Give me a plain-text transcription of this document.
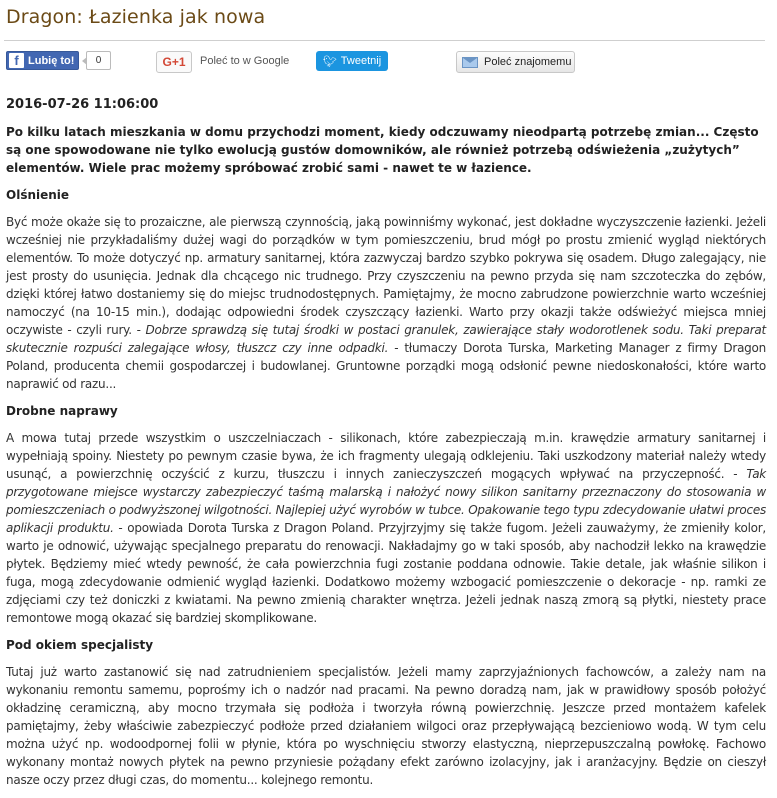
Dragon: Łazienka jak nowa
f Lubię to!	0	G+1	Poleć to w Google	🐦︎ Tweetnij	Poleć znajomemu
2016-07-26 11:06:00
Po kilku latach mieszkania w domu przychodzi moment, kiedy odczuwamy nieodpartą potrzebę zmian... Często są one spowodowane nie tylko ewolucją gustów domowników, ale również potrzebą odświeżenia „zużytych” elementów. Wiele prac możemy spróbować zrobić sami - nawet te w łazience.
Olśnienie
Być może okaże się to prozaiczne, ale pierwszą czynnością, jaką powinniśmy wykonać, jest dokładne wyczyszczenie łazienki. Jeżeli wcześniej nie przykładaliśmy dużej wagi do porządków w tym pomieszczeniu, brud mógł po prostu zmienić wygląd niektórych elementów. To może dotyczyć np. armatury sanitarnej, która zazwyczaj bardzo szybko pokrywa się osadem. Długo zalegający, nie jest prosty do usunięcia. Jednak dla chcącego nic trudnego. Przy czyszczeniu na pewno przyda się nam szczoteczka do zębów, dzięki której łatwo dostaniemy się do miejsc trudnodostępnych. Pamiętajmy, że mocno zabrudzone powierzchnie warto wcześniej namoczyć (na 10-15 min.), dodając odpowiedni środek czyszczący łazienki. Warto przy okazji także odświeżyć miejsca mniej oczywiste - czyli rury. - Dobrze sprawdzą się tutaj środki w postaci granulek, zawierające stały wodorotlenek sodu. Taki preparat skutecznie rozpuści zalegające włosy, tłuszcz czy inne odpadki. - tłumaczy Dorota Turska, Marketing Manager z firmy Dragon Poland, producenta chemii gospodarczej i budowlanej. Gruntowne porządki mogą odsłonić pewne niedoskonałości, które warto naprawić od razu...
Drobne naprawy
A mowa tutaj przede wszystkim o uszczelniaczach - silikonach, które zabezpieczają m.in. krawędzie armatury sanitarnej i wypełniają spoiny. Niestety po pewnym czasie bywa, że ich fragmenty ulegają odklejeniu. Taki uszkodzony materiał należy wtedy usunąć, a powierzchnię oczyścić z kurzu, tłuszczu i innych zanieczyszczeń mogących wpływać na przyczepność. - Tak przygotowane miejsce wystarczy zabezpieczyć taśmą malarską i nałożyć nowy silikon sanitarny przeznaczony do stosowania w pomieszczeniach o podwyższonej wilgotności. Najlepiej użyć wyrobów w tubce. Opakowanie tego typu zdecydowanie ułatwi proces aplikacji produktu. - opowiada Dorota Turska z Dragon Poland. Przyjrzyjmy się także fugom. Jeżeli zauważymy, że zmieniły kolor, warto je odnowić, używając specjalnego preparatu do renowacji. Nakładajmy go w taki sposób, aby nachodził lekko na krawędzie płytek. Będziemy mieć wtedy pewność, że cała powierzchnia fugi zostanie poddana odnowie. Takie detale, jak właśnie silikon i fuga, mogą zdecydowanie odmienić wygląd łazienki. Dodatkowo możemy wzbogacić pomieszczenie o dekoracje - np. ramki ze zdjęciami czy też doniczki z kwiatami. Na pewno zmienią charakter wnętrza. Jeżeli jednak naszą zmorą są płytki, niestety prace remontowe mogą okazać się bardziej skomplikowane.
Pod okiem specjalisty
Tutaj już warto zastanowić się nad zatrudnieniem specjalistów. Jeżeli mamy zaprzyjaźnionych fachowców, a zależy nam na wykonaniu remontu samemu, poprośmy ich o nadzór nad pracami. Na pewno doradzą nam, jak w prawidłowy sposób położyć okładzinę ceramiczną, aby mocno trzymała się podłoża i tworzyła równą powierzchnię. Jeszcze przed montażem kafelek pamiętajmy, żeby właściwie zabezpieczyć podłoże przed działaniem wilgoci oraz przepływającą bezcieniowo wodą. W tym celu można użyć np. wodoodpornej folii w płynie, która po wyschnięciu stworzy elastyczną, nieprzepuszczalną powłokę. Fachowo wykonany montaż nowych płytek na pewno przyniesie pożądany efekt zarówno izolacyjny, jak i aranżacyjny. Będzie on cieszył nasze oczy przez długi czas, do momentu... kolejnego remontu.
